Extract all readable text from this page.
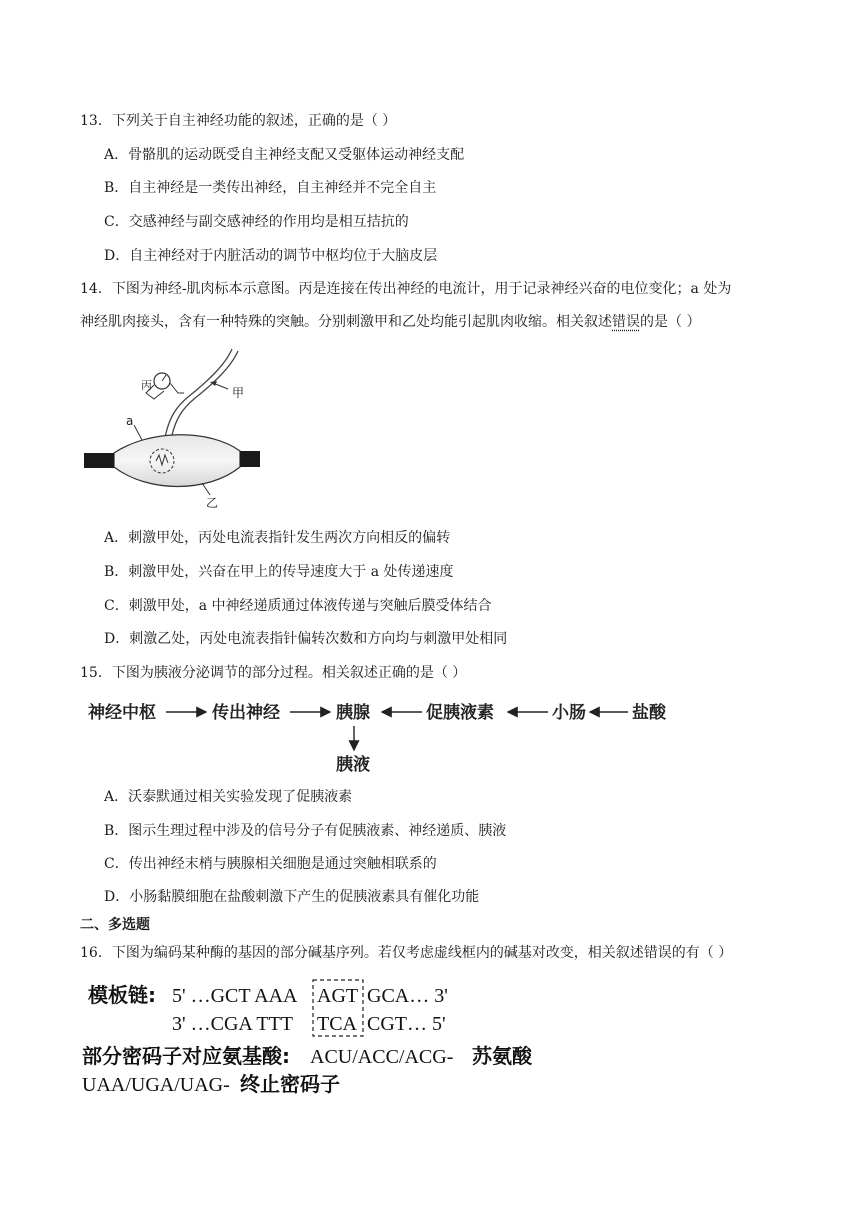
13．下列关于自主神经功能的叙述，正确的是（ ）
A．骨骼肌的运动既受自主神经支配又受躯体运动神经支配
B．自主神经是一类传出神经，自主神经并不完全自主
C．交感神经与副交感神经的作用均是相互拮抗的
D．自主神经对于内脏活动的调节中枢均位于大脑皮层
14．下图为神经-肌肉标本示意图。丙是连接在传出神经的电流计，用于记录神经兴奋的电位变化；a 处为
神经肌肉接头，含有一种特殊的突触。分别刺激甲和乙处均能引起肌肉收缩。相关叙述错误的是（ ）
甲
丙
a
乙
A．刺激甲处，丙处电流表指针发生两次方向相反的偏转
B．刺激甲处，兴奋在甲上的传导速度大于 a 处传递速度
C．刺激甲处，a 中神经递质通过体液传递与突触后膜受体结合
D．刺激乙处，丙处电流表指针偏转次数和方向均与刺激甲处相同
15．下图为胰液分泌调节的部分过程。相关叙述正确的是（ ）
神经中枢	传出神经	胰腺	促胰液素	小肠	盐酸
胰液
A．沃泰默通过相关实验发现了促胰液素
B．图示生理过程中涉及的信号分子有促胰液素、神经递质、胰液
C．传出神经末梢与胰腺相关细胞是通过突触相联系的
D．小肠黏膜细胞在盐酸刺激下产生的促胰液素具有催化功能
二、多选题
16．下图为编码某种酶的基因的部分碱基序列。若仅考虑虚线框内的碱基对改变，相关叙述错误的有（ ）
模板链: 5' …GCT AAA AGT GCA… 3'
3' …CGA TTT TCA CGT… 5'
部分密码子对应氨基酸: ACU/ACC/ACG- 苏氨酸
UAA/UGA/UAG- 终止密码子
